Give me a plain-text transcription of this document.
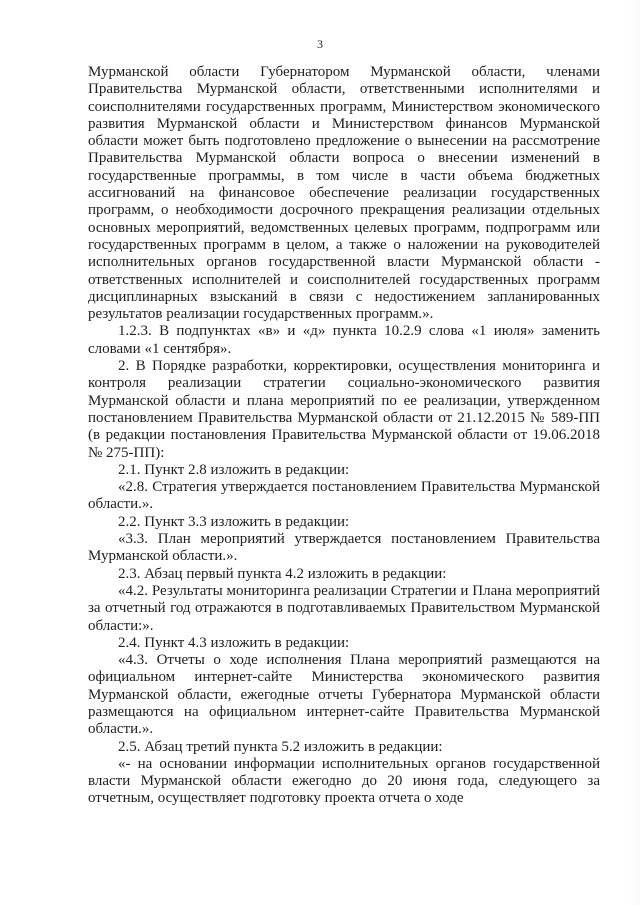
3

Мурманской области Губернатором Мурманской области, членами Правительства Мурманской области, ответственными исполнителями и соисполнителями государственных программ, Министерством экономического развития Мурманской области и Министерством финансов Мурманской области может быть подготовлено предложение о вынесении на рассмотрение Правительства Мурманской области вопроса о внесении изменений в государственные программы, в том числе в части объема бюджетных ассигнований на финансовое обеспечение реализации государственных программ, о необходимости досрочного прекращения реализации отдельных основных мероприятий, ведомственных целевых программ, подпрограмм или государственных программ в целом, а также о наложении на руководителей исполнительных органов государственной власти Мурманской области - ответственных исполнителей и соисполнителей государственных программ дисциплинарных взысканий в связи с недостижением запланированных результатов реализации государственных программ.».

1.2.3. В подпунктах «в» и «д» пункта 10.2.9 слова «1 июля» заменить словами «1 сентября».

2. В Порядке разработки, корректировки, осуществления мониторинга и контроля реализации стратегии социально-экономического развития Мурманской области и плана мероприятий по ее реализации, утвержденном постановлением Правительства Мурманской области от 21.12.2015 № 589-ПП (в редакции постановления Правительства Мурманской области от 19.06.2018 № 275-ПП):

2.1. Пункт 2.8 изложить в редакции:

«2.8. Стратегия утверждается постановлением Правительства Мурманской области.».

2.2. Пункт 3.3 изложить в редакции:

«3.3. План мероприятий утверждается постановлением Правительства Мурманской области.».

2.3. Абзац первый пункта 4.2 изложить в редакции:

«4.2. Результаты мониторинга реализации Стратегии и Плана мероприятий за отчетный год отражаются в подготавливаемых Правительством Мурманской области:».

2.4. Пункт 4.3 изложить в редакции:

«4.3. Отчеты о ходе исполнения Плана мероприятий размещаются на официальном интернет-сайте Министерства экономического развития Мурманской области, ежегодные отчеты Губернатора Мурманской области размещаются на официальном интернет-сайте Правительства Мурманской области.».

2.5. Абзац третий пункта 5.2 изложить в редакции:

«- на основании информации исполнительных органов государственной власти Мурманской области ежегодно до 20 июня года, следующего за отчетным, осуществляет подготовку проекта отчета о ходе
